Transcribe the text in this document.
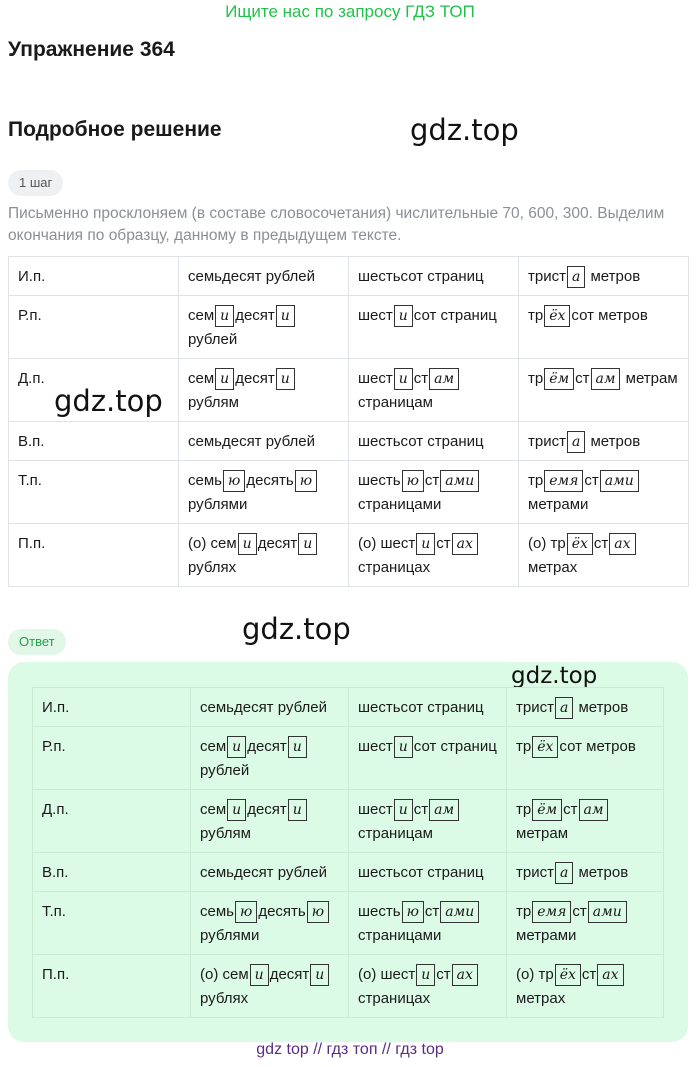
Ищите нас по запросу ГДЗ ТОП
Упражнение 364
Подробное решение	gdz.top
1 шаг

Письменно просклоняем (в составе словосочетания) числительные 70, 600, 300. Выделим окончания по образцу, данному в предыдущем тексте.

И.п.	семьдесят рублей	шестьсот страниц	трист а метров
Р.п.	сем и десят и рублей	шест и сот страниц	тр ёх сот метров
Д.п.	сем и десят и рублям	шест и ст ам страницам	тр ём ст ам метрам
В.п.	семьдесят рублей	шестьсот страниц	трист а метров
Т.п.	семь ю десять ю рублями	шесть ю ст ами страницами	тр емя ст ами метрами
П.п.	(о) сем и десят и рублях	(о) шест и ст ах страницах	(о) тр ёх ст ах метрах
gdz.top
Ответ	gdz.top
gdz.top
И.п.	семьдесят рублей	шестьсот страниц	трист а метров
Р.п.	сем и десят и рублей	шест и сот страниц	тр ёх сот метров
Д.п.	сем и десят и рублям	шест и ст ам страницам	тр ём ст ам метрам
В.п.	семьдесят рублей	шестьсот страниц	трист а метров
Т.п.	семь ю десять ю рублями	шесть ю ст ами страницами	тр емя ст ами метрами
П.п.	(о) сем и десят и рублях	(о) шест и ст ах страницах	(о) тр ёх ст ах метрах
gdz top // гдз топ // гдз top
